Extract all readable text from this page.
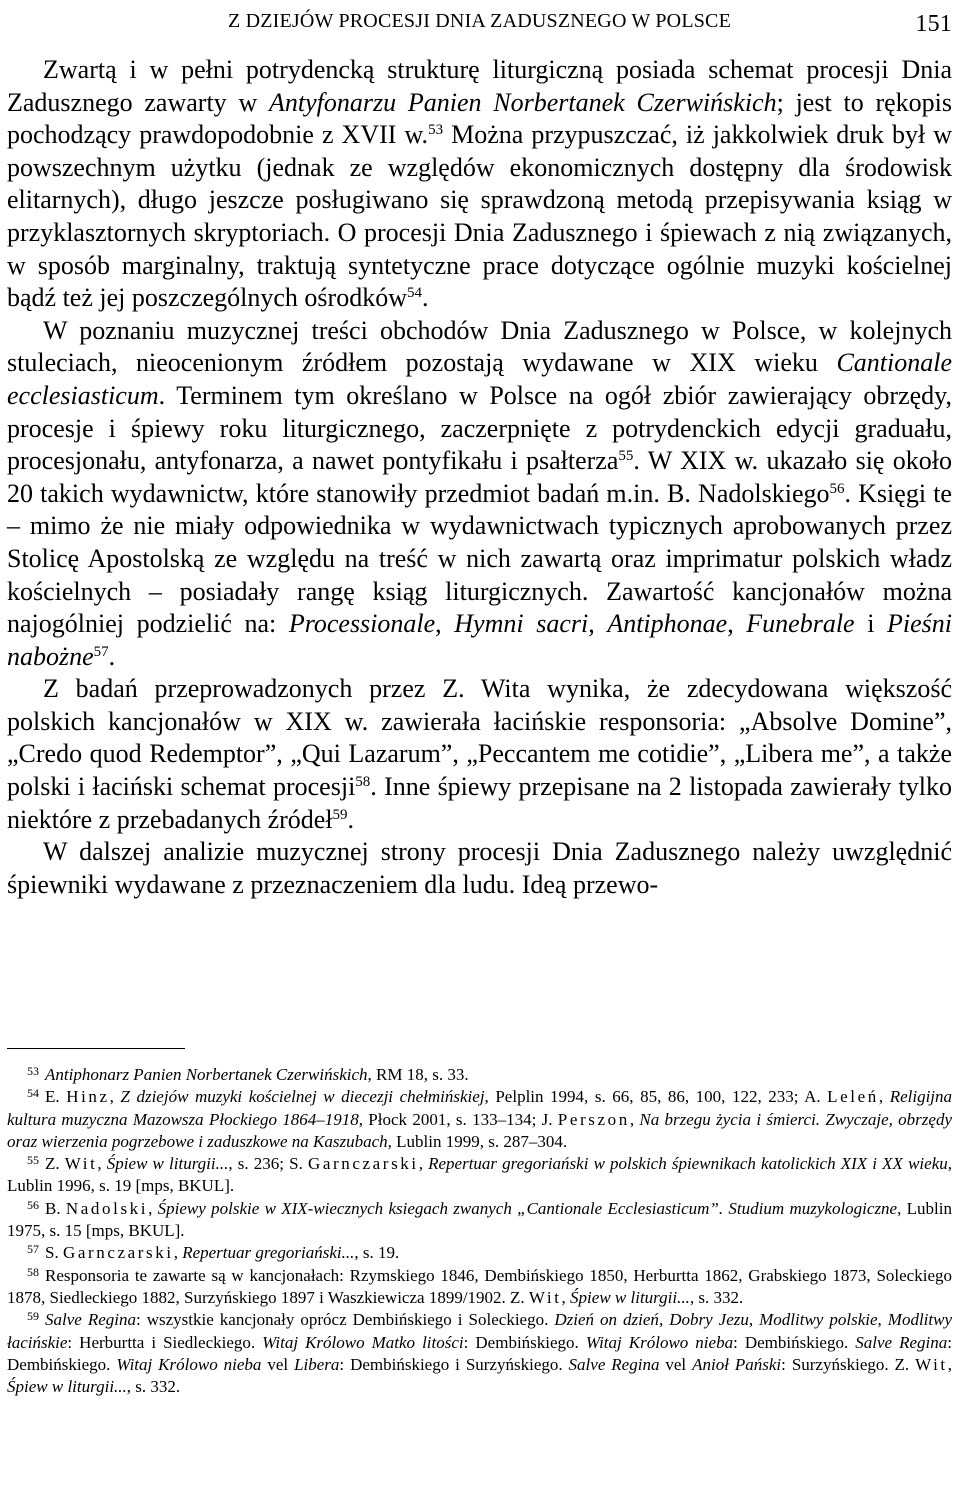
Z DZIEJÓW PROCESJI DNIA ZADUSZNEGO W POLSCE	151

Zwartą i w pełni potrydencką strukturę liturgiczną posiada schemat procesji Dnia Zadusznego zawarty w Antyfonarzu Panien Norbertanek Czerwińskich; jest to rękopis pochodzący prawdopodobnie z XVII w.$^{53}$ Można przypuszczać, iż jakkolwiek druk był w powszechnym użytku (jednak ze względów ekonomicznych dostępny dla środowisk elitarnych), długo jeszcze posługiwano się sprawdzoną metodą przepisywania ksiąg w przyklasztornych skryptoriach. O procesji Dnia Zadusznego i śpiewach z nią związanych, w sposób marginalny, traktują syntetyczne prace dotyczące ogólnie muzyki kościelnej bądź też jej poszczególnych ośrodków$^{54}$.

W poznaniu muzycznej treści obchodów Dnia Zadusznego w Polsce, w kolejnych stuleciach, nieocenionym źródłem pozostają wydawane w XIX wieku Cantionale ecclesiasticum. Terminem tym określano w Polsce na ogół zbiór zawierający obrzędy, procesje i śpiewy roku liturgicznego, zaczerpnięte z potrydenckich edycji graduału, procesjonału, antyfonarza, a nawet pontyfikału i psałterza$^{55}$. W XIX w. ukazało się około 20 takich wydawnictw, które stanowiły przedmiot badań m.in. B. Nadolskiego$^{56}$. Księgi te – mimo że nie miały odpowiednika w wydawnictwach typicznych aprobowanych przez Stolicę Apostolską ze względu na treść w nich zawartą oraz imprimatur polskich władz kościelnych – posiadały rangę ksiąg liturgicznych. Zawartość kancjonałów można najogólniej podzielić na: Processionale, Hymni sacri, Antiphonae, Funebrale i Pieśni nabożne$^{57}$.

Z badań przeprowadzonych przez Z. Wita wynika, że zdecydowana większość polskich kancjonałów w XIX w. zawierała łacińskie responsoria: „Absolve Domine”, „Credo quod Redemptor”, „Qui Lazarum”, „Peccantem me cotidie”, „Libera me”, a także polski i łaciński schemat procesji$^{58}$. Inne śpiewy przepisane na 2 listopada zawierały tylko niektóre z przebadanych źródeł$^{59}$.

W dalszej analizie muzycznej strony procesji Dnia Zadusznego należy uwzględnić śpiewniki wydawane z przeznaczeniem dla ludu. Ideą przewo-

$^{53}$ Antiphonarz Panien Norbertanek Czerwińskich, RM 18, s. 33.

$^{54}$ E. Hinz, Z dziejów muzyki kościelnej w diecezji chełmińskiej, Pelplin 1994, s. 66, 85, 86, 100, 122, 233; A. Leleń, Religijna kultura muzyczna Mazowsza Płockiego 1864–1918, Płock 2001, s. 133–134; J. Perszon, Na brzegu życia i śmierci. Zwyczaje, obrzędy oraz wierzenia pogrzebowe i zaduszkowe na Kaszubach, Lublin 1999, s. 287–304.

$^{55}$ Z. Wit, Śpiew w liturgii..., s. 236; S. Garnczarski, Repertuar gregoriański w polskich śpiewnikach katolickich XIX i XX wieku, Lublin 1996, s. 19 [mps, BKUL].

$^{56}$ B. Nadolski, Śpiewy polskie w XIX-wiecznych ksiegach zwanych „Cantionale Ecclesiasticum”. Studium muzykologiczne, Lublin 1975, s. 15 [mps, BKUL].

$^{57}$ S. Garnczarski, Repertuar gregoriański..., s. 19.

$^{58}$ Responsoria te zawarte są w kancjonałach: Rzymskiego 1846, Dembińskiego 1850, Herburtta 1862, Grabskiego 1873, Soleckiego 1878, Siedleckiego 1882, Surzyńskiego 1897 i Waszkiewicza 1899/1902. Z. Wit, Śpiew w liturgii..., s. 332.

$^{59}$ Salve Regina: wszystkie kancjonały oprócz Dembińskiego i Soleckiego. Dzień on dzień, Dobry Jezu, Modlitwy polskie, Modlitwy łacińskie: Herburtta i Siedleckiego. Witaj Królowo Matko litości: Dembińskiego. Witaj Królowo nieba: Dembińskiego. Salve Regina: Dembińskiego. Witaj Królowo nieba vel Libera: Dembińskiego i Surzyńskiego. Salve Regina vel Anioł Pański: Surzyńskiego. Z. Wit, Śpiew w liturgii..., s. 332.
